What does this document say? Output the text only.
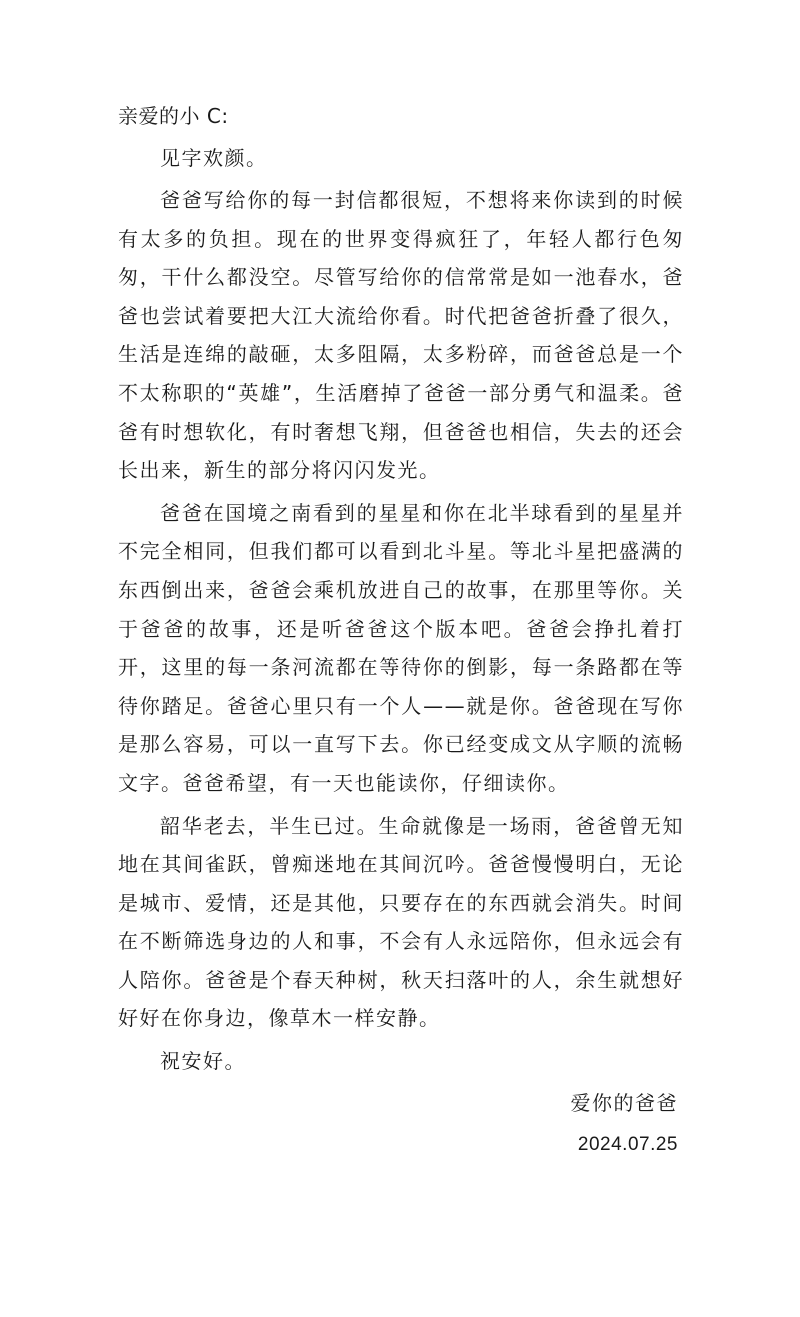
亲爱的小 C:
见字欢颜。
爸爸写给你的每一封信都很短，不想将来你读到的时候有太多的负担。现在的世界变得疯狂了，年轻人都行色匆匆，干什么都没空。尽管写给你的信常常是如一池春水，爸爸也尝试着要把大江大流给你看。时代把爸爸折叠了很久，生活是连绵的敲砸，太多阻隔，太多粉碎，而爸爸总是一个不太称职的“英雄”，生活磨掉了爸爸一部分勇气和温柔。爸爸有时想软化，有时奢想飞翔，但爸爸也相信，失去的还会长出来，新生的部分将闪闪发光。
爸爸在国境之南看到的星星和你在北半球看到的星星并不完全相同，但我们都可以看到北斗星。等北斗星把盛满的东西倒出来，爸爸会乘机放进自己的故事，在那里等你。关于爸爸的故事，还是听爸爸这个版本吧。爸爸会挣扎着打开，这里的每一条河流都在等待你的倒影，每一条路都在等待你踏足。爸爸心里只有一个人——就是你。爸爸现在写你是那么容易，可以一直写下去。你已经变成文从字顺的流畅文字。爸爸希望，有一天也能读你，仔细读你。
韶华老去，半生已过。生命就像是一场雨，爸爸曾无知地在其间雀跃，曾痴迷地在其间沉吟。爸爸慢慢明白，无论是城市、爱情，还是其他，只要存在的东西就会消失。时间在不断筛选身边的人和事，不会有人永远陪你，但永远会有人陪你。爸爸是个春天种树，秋天扫落叶的人，余生就想好好好在你身边，像草木一样安静。
祝安好。
爱你的爸爸
2024.07.25
